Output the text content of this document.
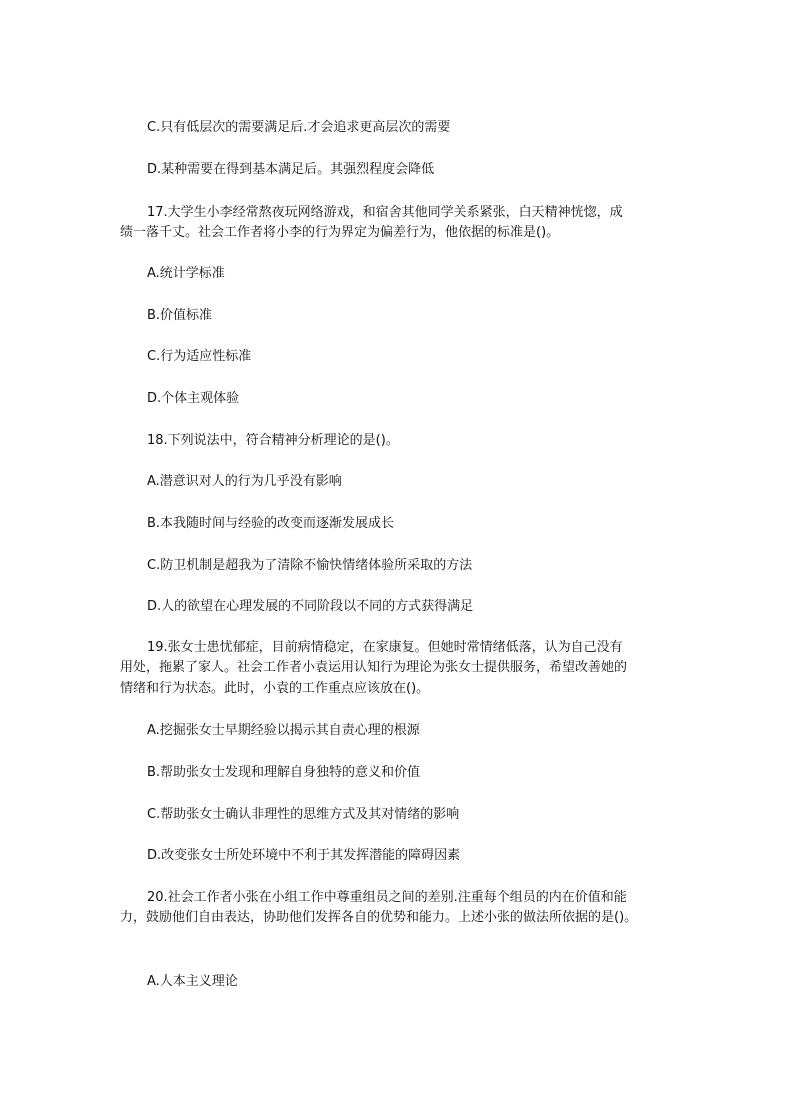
C.只有低层次的需要满足后.才会追求更高层次的需要

D.某种需要在得到基本满足后。其强烈程度会降低

17.大学生小李经常熬夜玩网络游戏，和宿舍其他同学关系紧张，白天精神恍惚，成

绩一落千丈。社会工作者将小李的行为界定为偏差行为，他依据的标准是()。

A.统计学标准

B.价值标准

C.行为适应性标准

D.个体主观体验

18.下列说法中，符合精神分析理论的是()。

A.潜意识对人的行为几乎没有影响

B.本我随时间与经验的改变而逐渐发展成长

C.防卫机制是超我为了清除不愉快情绪体验所采取的方法

D.人的欲望在心理发展的不同阶段以不同的方式获得满足

19.张女士患忧郁症，目前病情稳定，在家康复。但她时常情绪低落，认为自己没有

用处，拖累了家人。社会工作者小袁运用认知行为理论为张女士提供服务，希望改善她的

情绪和行为状态。此时，小袁的工作重点应该放在()。

A.挖掘张女士早期经验以揭示其自责心理的根源

B.帮助张女士发现和理解自身独特的意义和价值

C.帮助张女士确认非理性的思维方式及其对情绪的影响

D.改变张女士所处环境中不利于其发挥潜能的障碍因素

20.社会工作者小张在小组工作中尊重组员之间的差别.注重每个组员的内在价值和能

力，鼓励他们自由表达，协助他们发挥各自的优势和能力。上述小张的做法所依据的是()。

A.人本主义理论
